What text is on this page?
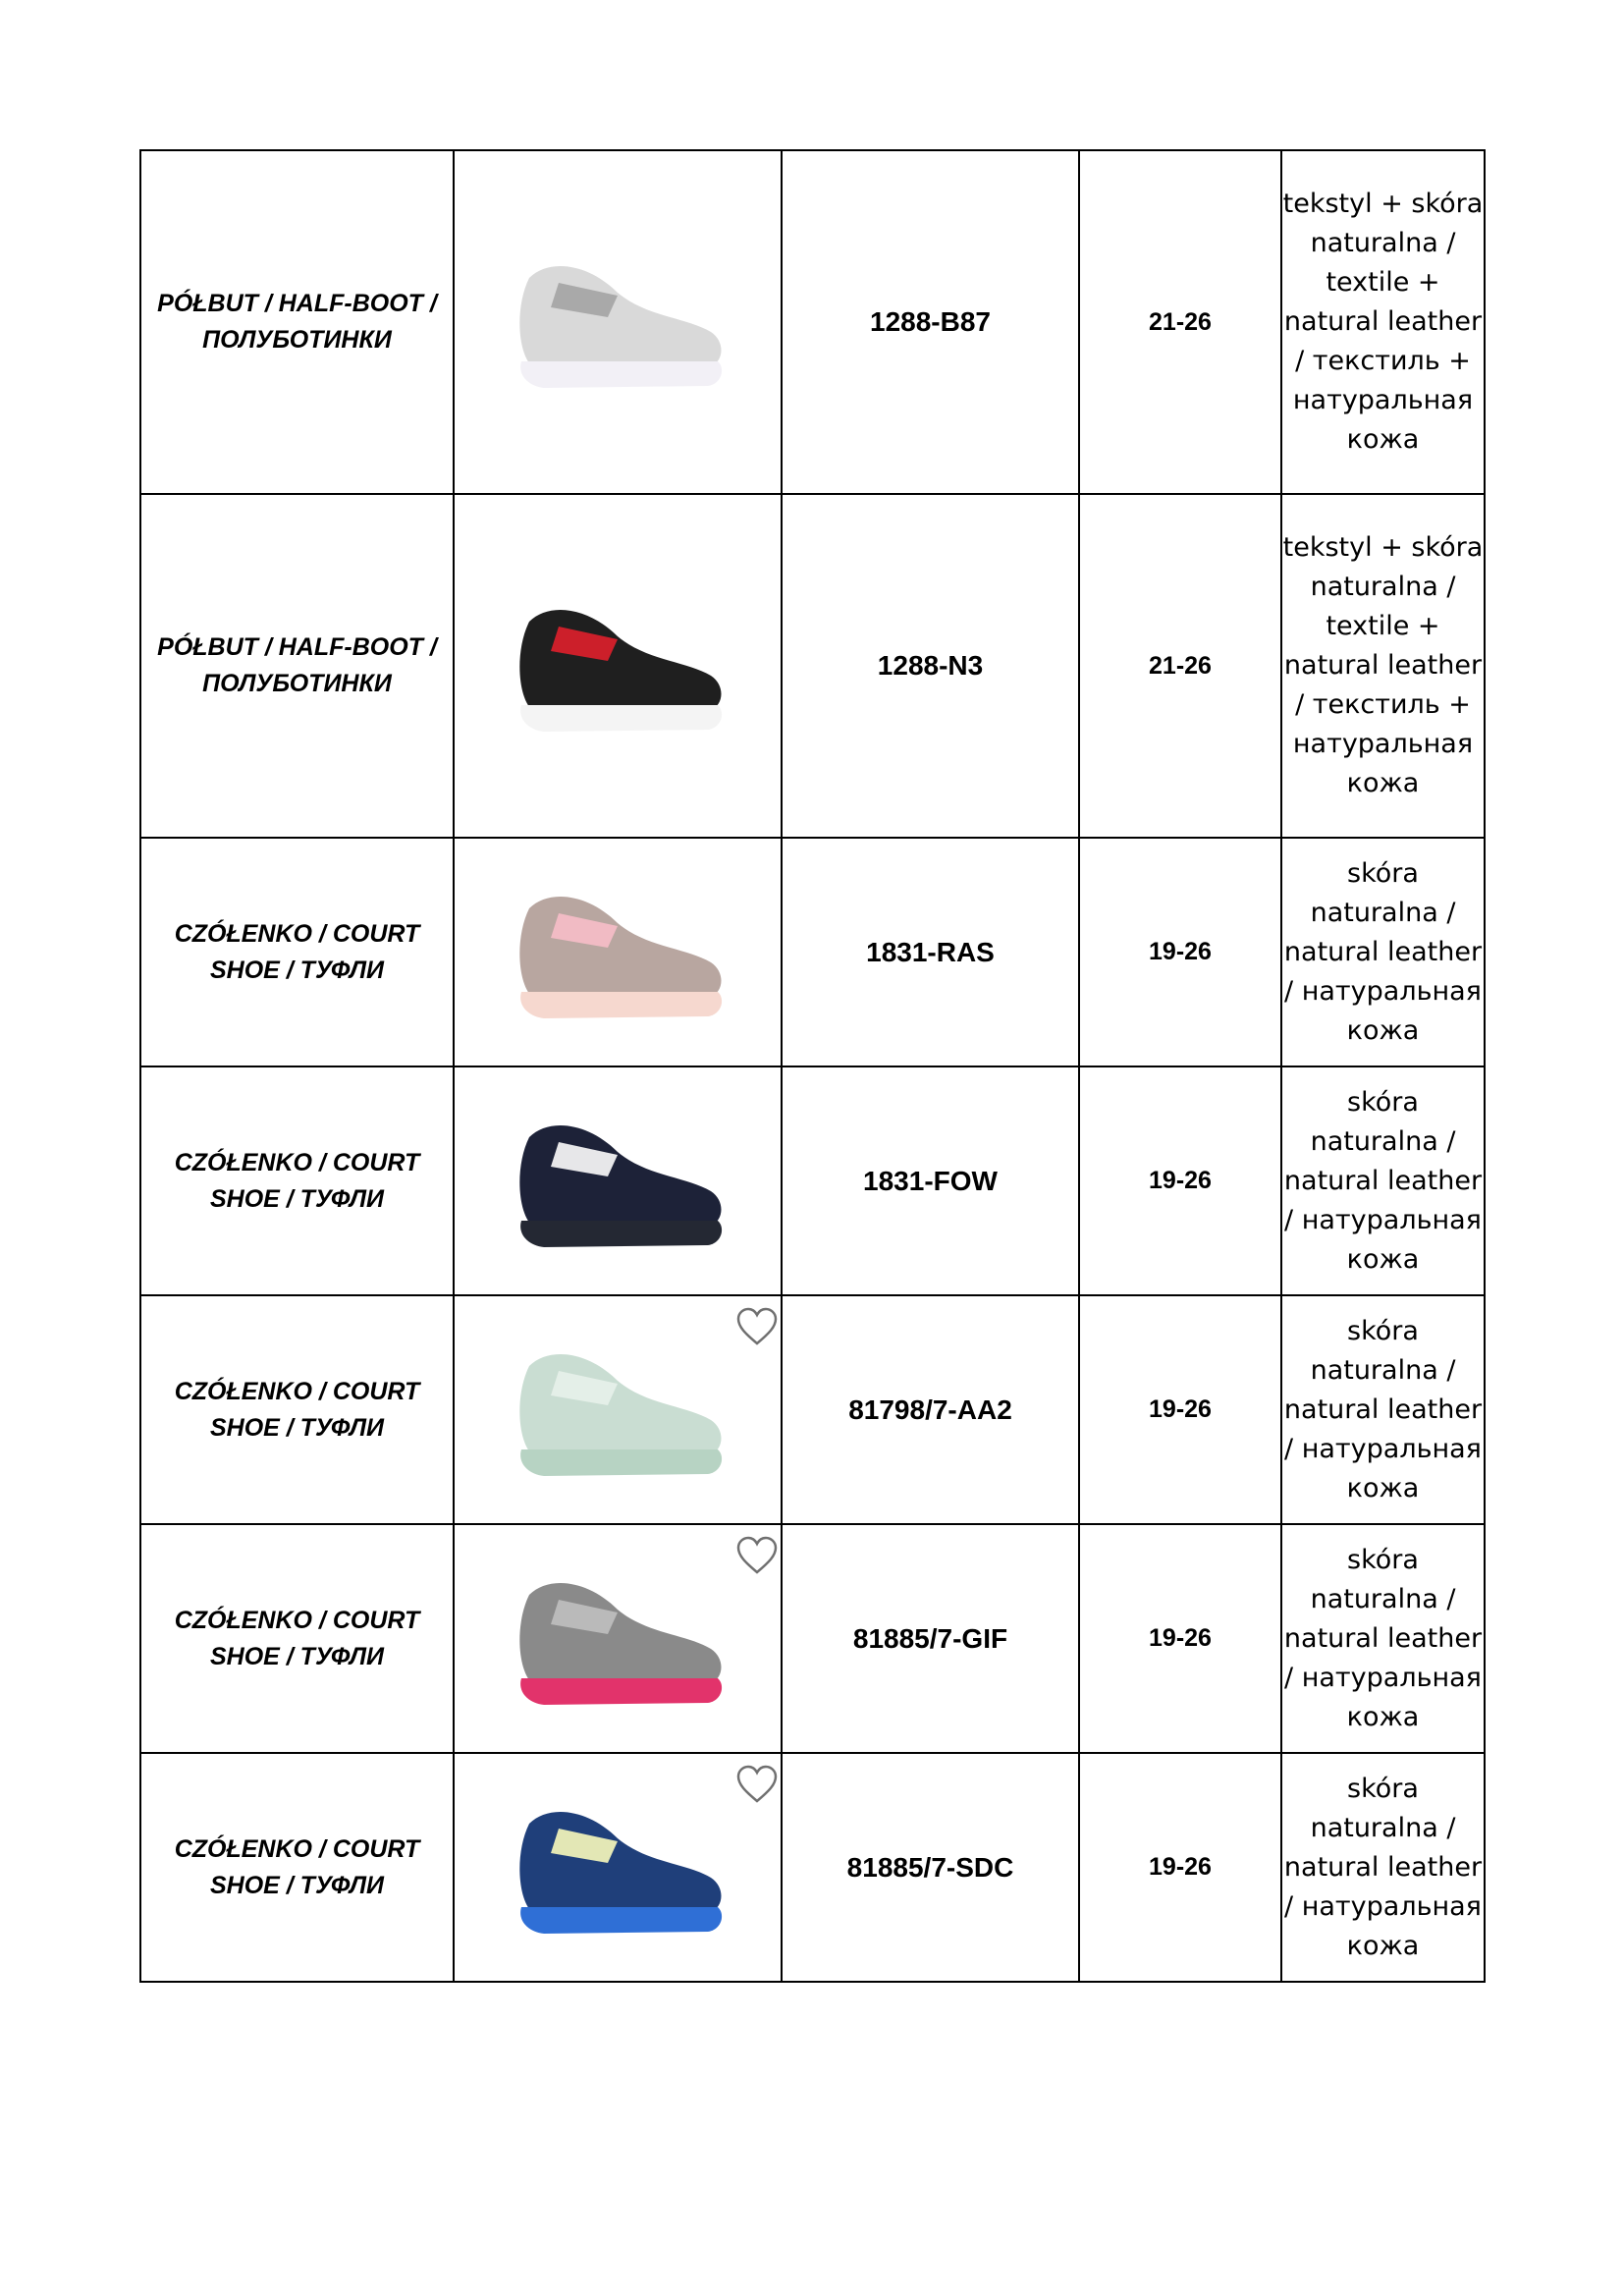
PÓŁBUT / HALF-BOOT / ПОЛУБОТИНКИ		1288-B87	21-26	tekstyl + skóra naturalna / textile + natural leather / текстиль + натуральная кожа
PÓŁBUT / HALF-BOOT / ПОЛУБОТИНКИ		1288-N3	21-26	tekstyl + skóra naturalna / textile + natural leather / текстиль + натуральная кожа
CZÓŁENKO / COURT SHOE / ТУФЛИ		1831-RAS	19-26	skóra naturalna / natural leather / натуральная кожа
CZÓŁENKO / COURT SHOE / ТУФЛИ		1831-FOW	19-26	skóra naturalna / natural leather / натуральная кожа
CZÓŁENKO / COURT SHOE / ТУФЛИ		81798/7-AA2	19-26	skóra naturalna / natural leather / натуральная кожа
CZÓŁENKO / COURT SHOE / ТУФЛИ		81885/7-GIF	19-26	skóra naturalna / natural leather / натуральная кожа
CZÓŁENKO / COURT SHOE / ТУФЛИ		81885/7-SDC	19-26	skóra naturalna / natural leather / натуральная кожа
